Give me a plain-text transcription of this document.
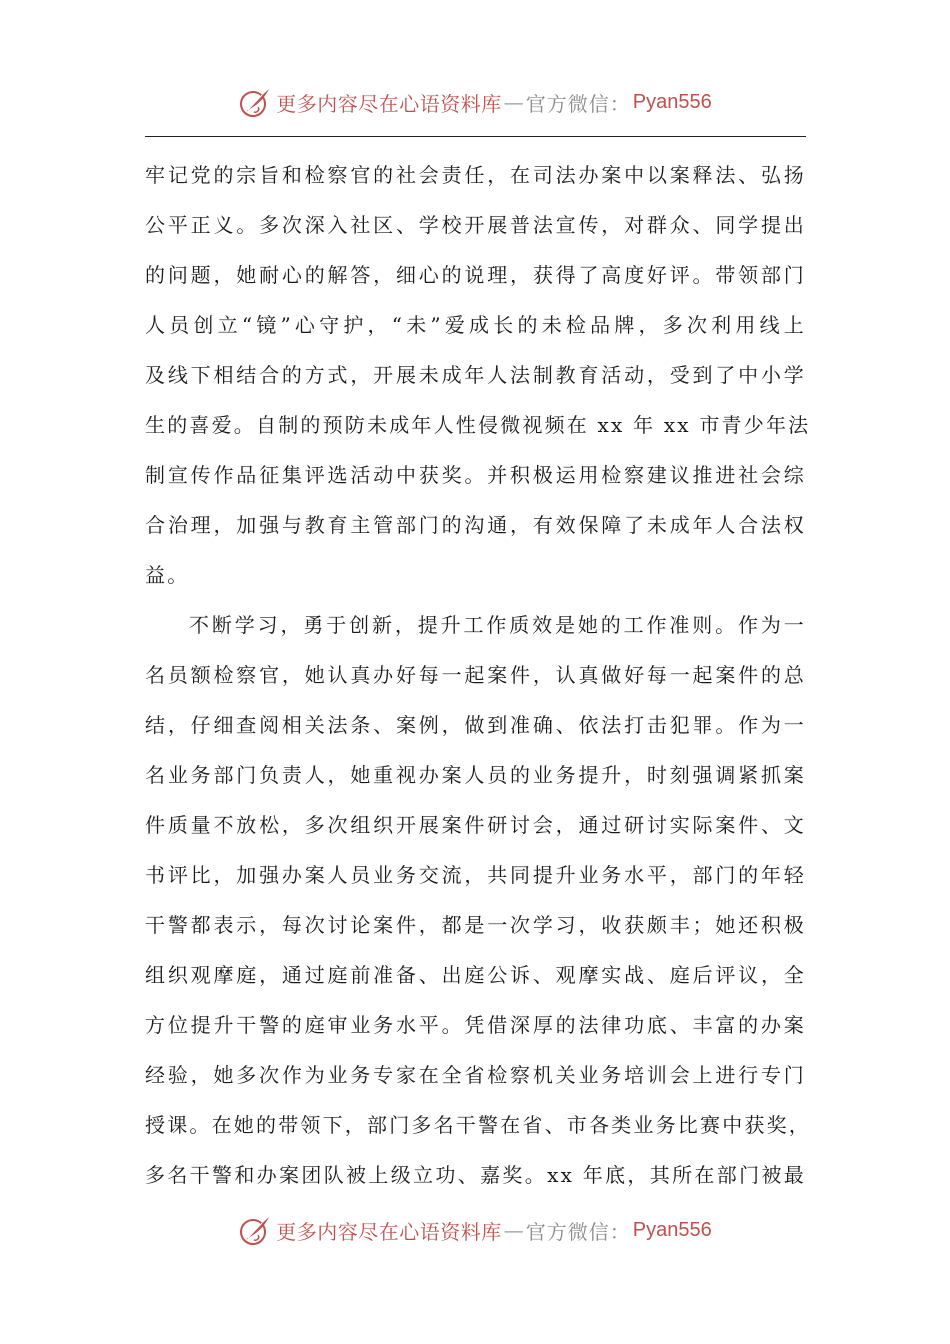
更多内容尽在心语资料库 — 官方微信： Pyan556
牢记党的宗旨和检察官的社会责任，在司法办案中以案释法、弘扬
公平正义。多次深入社区、学校开展普法宣传，对群众、同学提出
的问题，她耐心的解答，细心的说理，获得了高度好评。带领部门
人员创立“镜”心守护，“未”爱成长的未检品牌，多次利用线上
及线下相结合的方式，开展未成年人法制教育活动，受到了中小学
生的喜爱。自制的预防未成年人性侵微视频在 xx 年 xx 市青少年法
制宣传作品征集评选活动中获奖。并积极运用检察建议推进社会综
合治理，加强与教育主管部门的沟通，有效保障了未成年人合法权
益。
不断学习，勇于创新，提升工作质效是她的工作准则。作为一
名员额检察官，她认真办好每一起案件，认真做好每一起案件的总
结，仔细查阅相关法条、案例，做到准确、依法打击犯罪。作为一
名业务部门负责人，她重视办案人员的业务提升，时刻强调紧抓案
件质量不放松，多次组织开展案件研讨会，通过研讨实际案件、文
书评比，加强办案人员业务交流，共同提升业务水平，部门的年轻
干警都表示，每次讨论案件，都是一次学习，收获颇丰；她还积极
组织观摩庭，通过庭前准备、出庭公诉、观摩实战、庭后评议，全
方位提升干警的庭审业务水平。凭借深厚的法律功底、丰富的办案
经验，她多次作为业务专家在全省检察机关业务培训会上进行专门
授课。在她的带领下，部门多名干警在省、市各类业务比赛中获奖，
多名干警和办案团队被上级立功、嘉奖。xx 年底，其所在部门被最
更多内容尽在心语资料库 — 官方微信： Pyan556
